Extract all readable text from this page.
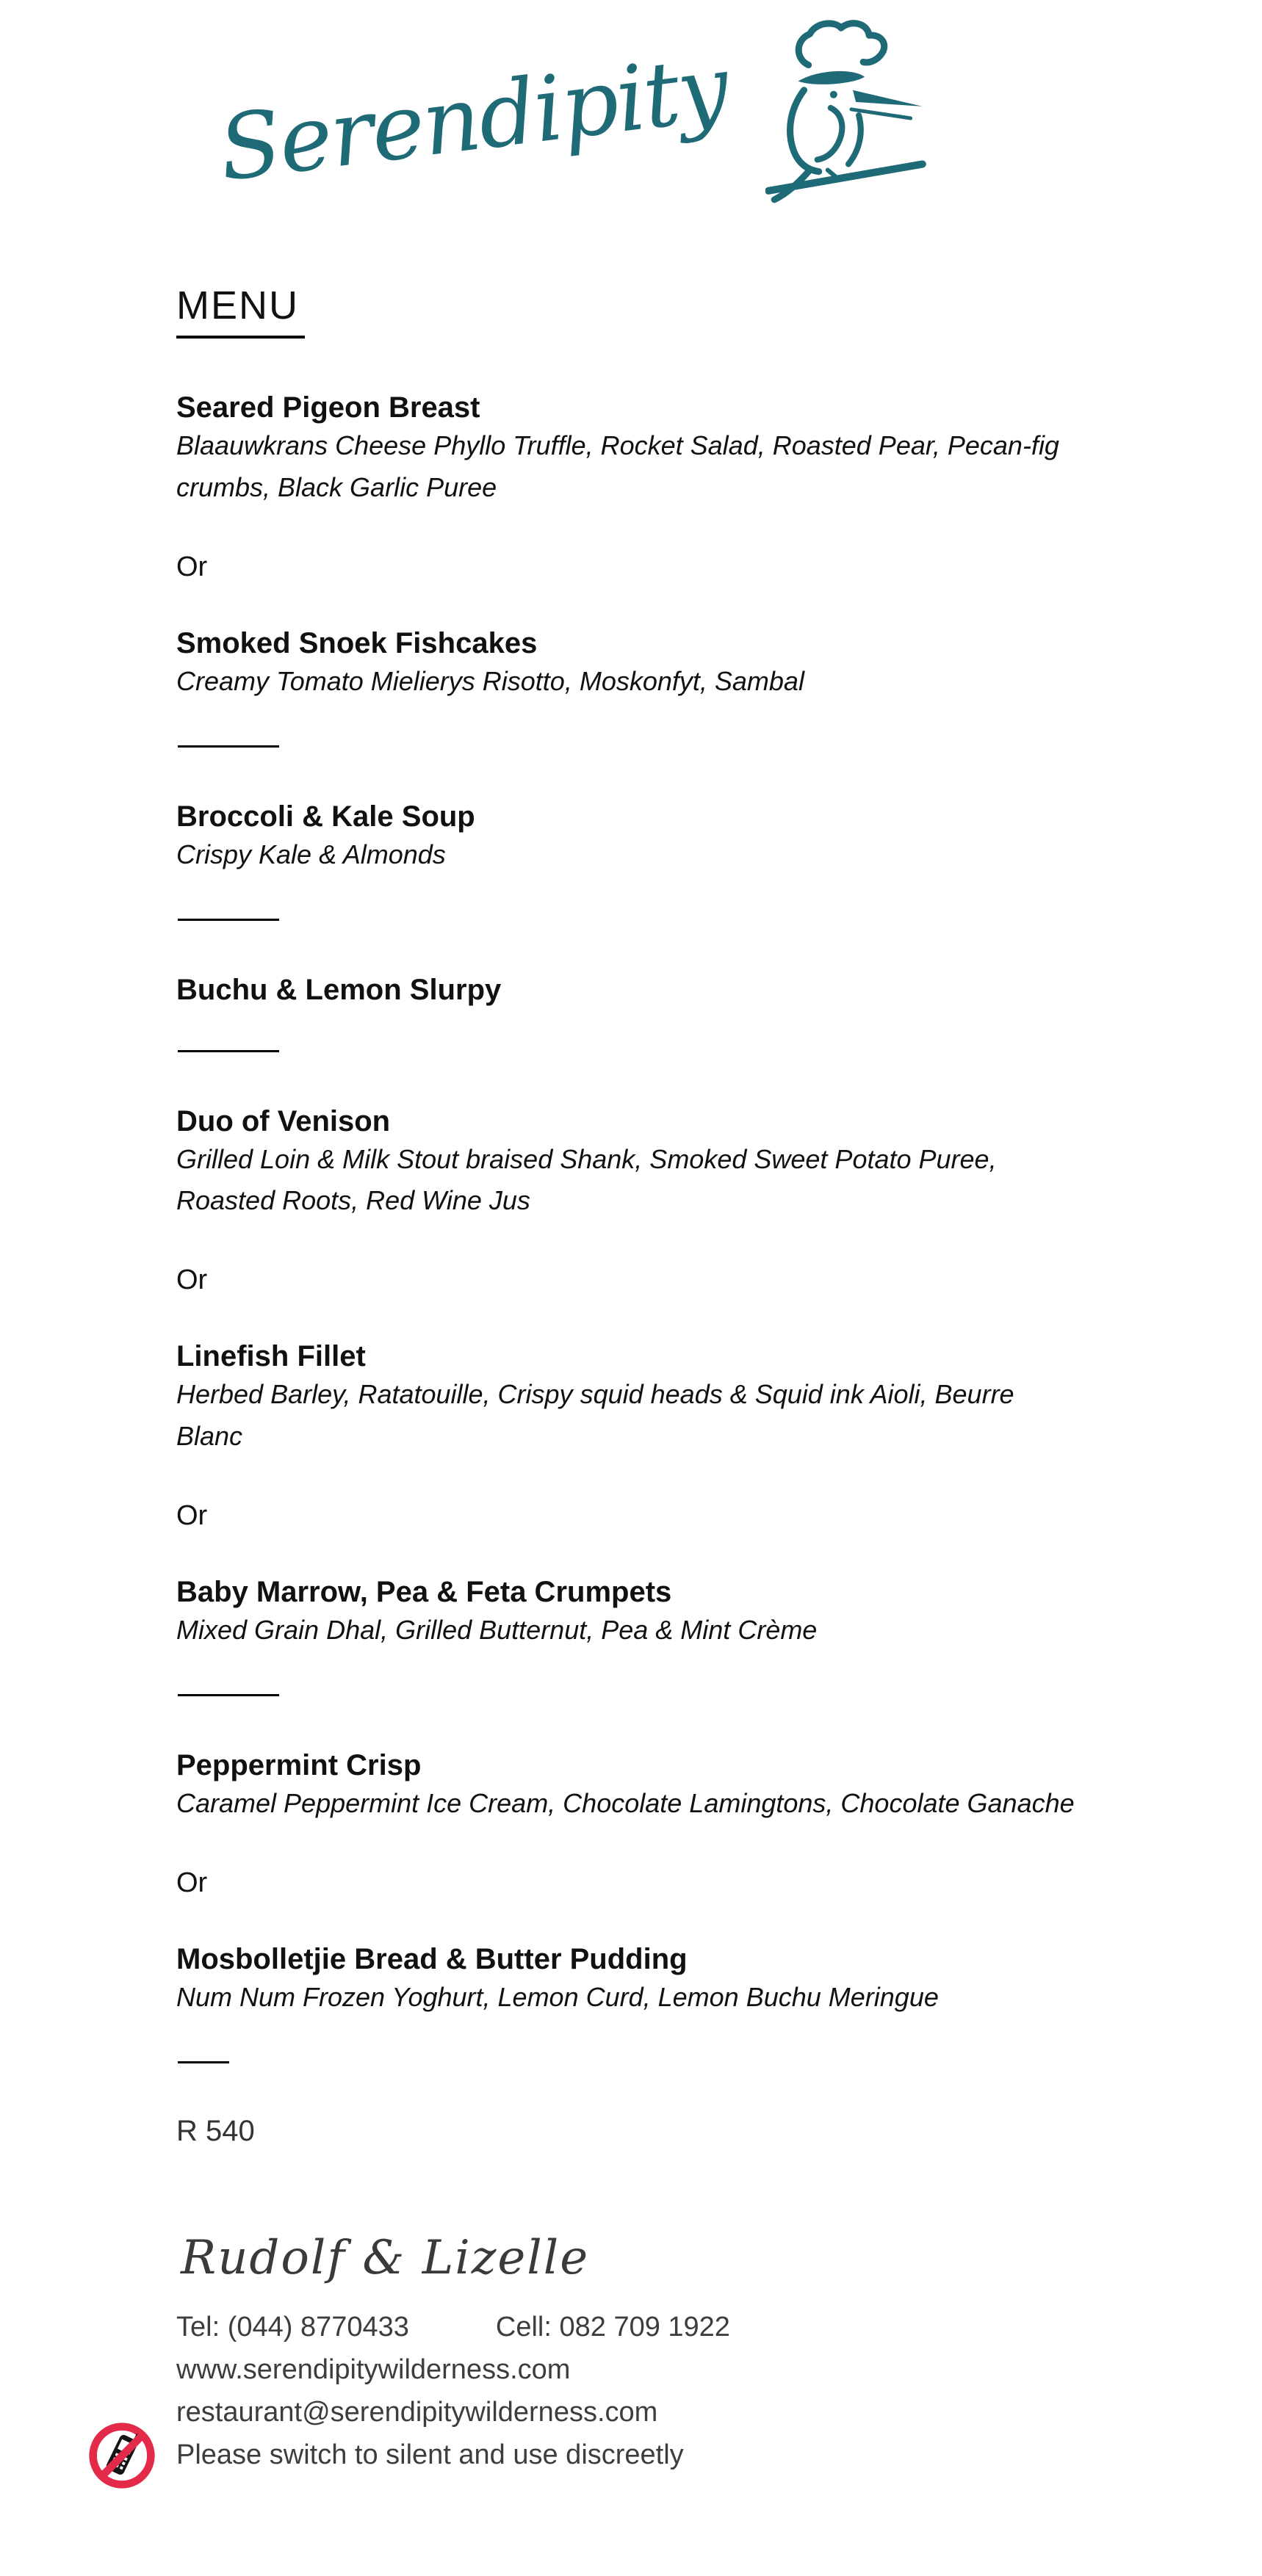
Serendipity
MENU
Seared Pigeon Breast
Blaauwkrans Cheese Phyllo Truffle, Rocket Salad, Roasted Pear, Pecan-fig crumbs, Black Garlic Puree
Or
Smoked Snoek Fishcakes
Creamy Tomato Mielierys Risotto, Moskonfyt, Sambal
Broccoli & Kale Soup
Crispy Kale & Almonds
Buchu & Lemon Slurpy
Duo of Venison
Grilled Loin & Milk Stout braised Shank, Smoked Sweet Potato Puree, Roasted Roots, Red Wine Jus
Or
Linefish Fillet
Herbed Barley, Ratatouille, Crispy squid heads & Squid ink Aioli, Beurre Blanc
Or
Baby Marrow, Pea & Feta Crumpets
Mixed Grain Dhal, Grilled Butternut, Pea & Mint Crème
Peppermint Crisp
Caramel Peppermint Ice Cream, Chocolate Lamingtons, Chocolate Ganache
Or
Mosbolletjie Bread & Butter Pudding
Num Num Frozen Yoghurt, Lemon Curd, Lemon Buchu Meringue
R 540
Rudolf & Lizelle
Tel: (044) 8770433	Cell: 082 709 1922
www.serendipitywilderness.com
restaurant@serendipitywilderness.com
Please switch to silent and use discreetly
